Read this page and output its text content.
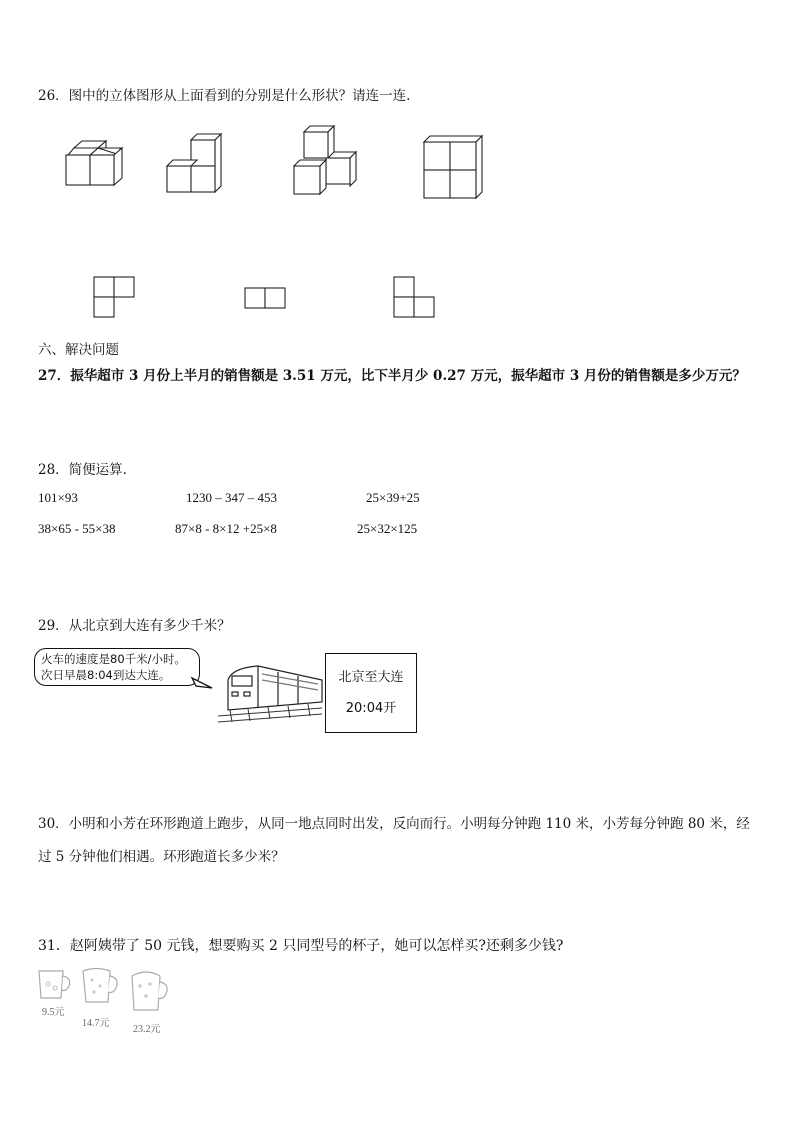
26．图中的立体图形从上面看到的分别是什么形状？请连一连.
六、解决问题
27．振华超市 3 月份上半月的销售额是 3.51 万元，比下半月少 0.27 万元，振华超市 3 月份的销售额是多少万元？
28．简便运算.
101×93	1230 – 347 – 453	25×39+25
38×65 - 55×38	87×8 - 8×12 +25×8	25×32×125
29．从北京到大连有多少千米？
火车的速度是80千米/小时。
次日早晨8:04到达大连。	北京至大连
20:04开
30．小明和小芳在环形跑道上跑步，从同一地点同时出发，反向而行。小明每分钟跑 110 米，小芳每分钟跑 80 米，经
过 5 分钟他们相遇。环形跑道长多少米？
31．赵阿姨带了 50 元钱，想要购买 2 只同型号的杯子，她可以怎样买?还剩多少钱?
9.5元
14.7元
23.2元
